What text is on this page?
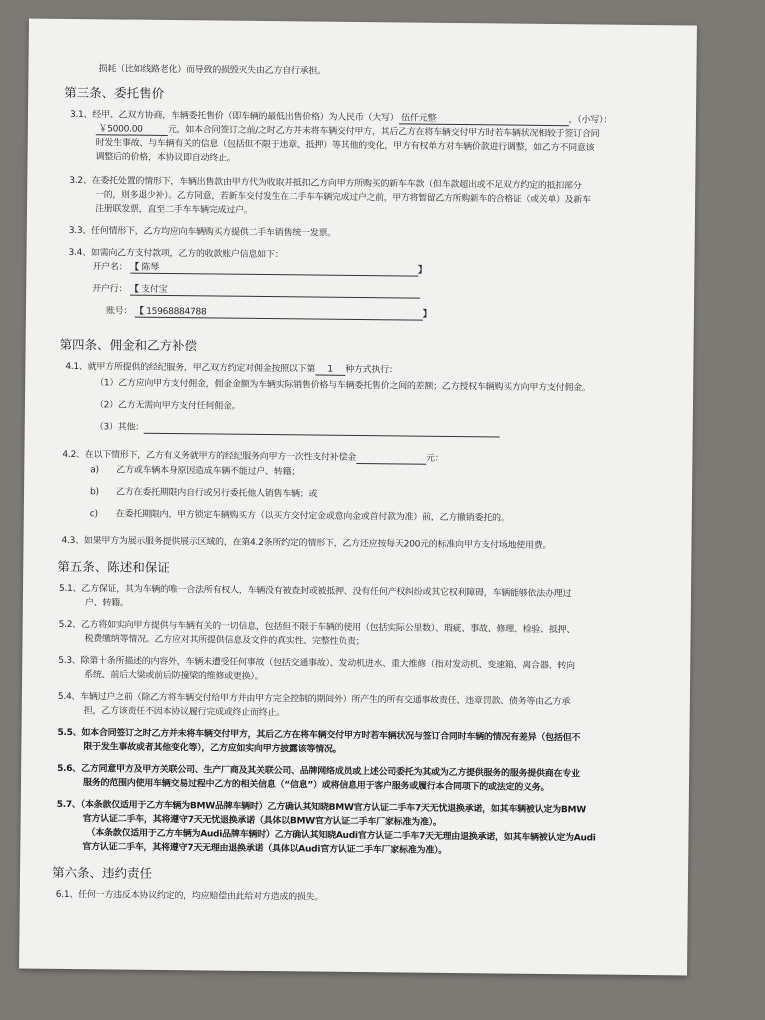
损耗（比如线路老化）而导致的损毁灭失由乙方自行承担。
第三条、委托售价
3.1、经甲、乙双方协商，车辆委托售价（即车辆的最低出售价格）为人民币（大写） 伍仟元整	，（小写）：
￥5000.00	元，如本合同签订之前/之时乙方并未将车辆交付甲方，其后乙方在将车辆交付甲方时若车辆状况相较于签订合同
时发生事故、与车辆有关的信息（包括但不限于违章、抵押）等其他的变化，甲方有权单方对车辆价款进行调整，如乙方不同意该
调整后的价格，本协议即自动终止。
3.2、在委托处置的情形下，车辆出售款由甲方代为收取并抵扣乙方向甲方所购买的新车车款（但车款超出或不足双方约定的抵扣部分
一的，则多退少补）。乙方同意，若新车交付发生在二手车车辆完成过户之前，甲方将暂留乙方所购新车的合格证（或关单）及新车
注册联发票，直至二手车车辆完成过户。
3.3、任何情形下，乙方均应向车辆购买方提供二手车销售统一发票。
3.4、如需向乙方支付款项，乙方的收款账户信息如下：
开户名： 【 陈琴	】
开户行： 【 支付宝
账号： 【 15968884788	】
第四条、佣金和乙方补偿
4.1、就甲方所提供的经纪服务，甲乙双方约定对佣金按照以下第 1 种方式执行：
（1）乙方应向甲方支付佣金，佣金金额为车辆实际销售价格与车辆委托售价之间的差额；乙方授权车辆购买方向甲方支付佣金。
（2）乙方无需向甲方支付任何佣金。
（3）其他：
4.2、在以下情形下，乙方有义务就甲方的经纪服务向甲方一次性支付补偿金	元：
a) 乙方或车辆本身原因造成车辆不能过户、转籍；
b) 乙方在委托期限内自行或另行委托他人销售车辆；或
c) 在委托期限内、甲方锁定车辆购买方（以买方交付定金或意向金或首付款为准）前，乙方撤销委托的。
4.3、如果甲方为展示服务提供展示区域的，在第4.2条所约定的情形下，乙方还应按每天200元的标准向甲方支付场地使用费。
第五条、陈述和保证
5.1、乙方保证，其为车辆的唯一合法所有权人，车辆没有被查封或被抵押、没有任何产权纠纷或其它权利障碍，车辆能够依法办理过
户、转籍。
5.2、乙方将如实向甲方提供与车辆有关的一切信息，包括但不限于车辆的使用（包括实际公里数）、瑕疵、事故、修理、检验、抵押、
税费缴纳等情况。乙方应对其所提供信息及文件的真实性、完整性负责；
5.3、除第十条所描述的内容外，车辆未遭受任何事故（包括交通事故）、发动机进水、重大维修（指对发动机、变速箱、离合器、转向
系统、前后大梁或前后防撞梁的维修或更换）。
5.4、车辆过户之前（除乙方将车辆交付给甲方并由甲方完全控制的期间外）所产生的所有交通事故责任、违章罚款、债务等由乙方承
担，乙方该责任不因本协议履行完成或终止而终止。
5.5、如本合同签订之时乙方并未将车辆交付甲方，其后乙方在将车辆交付甲方时若车辆状况与签订合同时车辆的情况有差异（包括但不
限于发生事故或者其他变化等），乙方应如实向甲方披露该等情况。
5.6、乙方同意甲方及甲方关联公司、生产厂商及其关联公司、品牌网络成员或上述公司委托为其或为乙方提供服务的服务提供商在专业
服务的范围内使用车辆交易过程中乙方的相关信息（“信息”）或将信息用于客户服务或履行本合同项下的或法定的义务。
5.7、（本条款仅适用于乙方车辆为BMW品牌车辆时）乙方确认其知晓BMW官方认证二手车7天无忧退换承诺，如其车辆被认定为BMW
官方认证二手车，其将遵守7天无忧退换承诺（具体以BMW官方认证二手车厂家标准为准）。
（本条款仅适用于乙方车辆为Audi品牌车辆时）乙方确认其知晓Audi官方认证二手车7天无理由退换承诺，如其车辆被认定为Audi
官方认证二手车，其将遵守7天无理由退换承诺（具体以Audi官方认证二手车厂家标准为准）。
第六条、违约责任
6.1、任何一方违反本协议约定的，均应赔偿由此给对方造成的损失。
